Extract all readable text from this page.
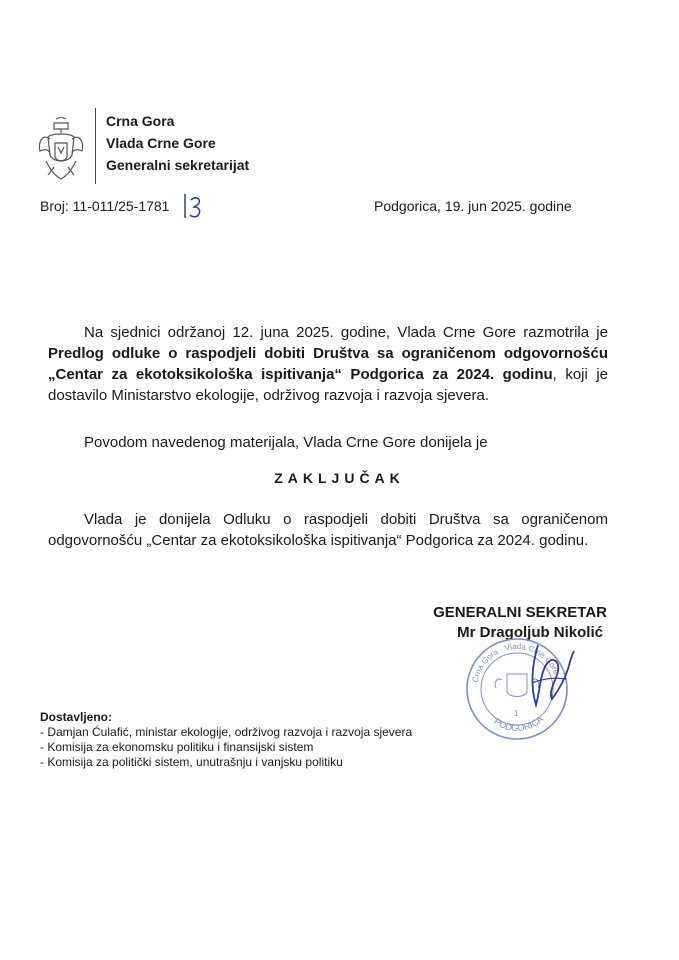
Crna Gora
Vlada Crne Gore
Generalni sekretarijat
Broj: 11-011/25-1781	Podgorica, 19. jun 2025. godine
Na sjednici održanoj 12. juna 2025. godine, Vlada Crne Gore razmotrila je Predlog odluke o raspodjeli dobiti Društva sa ograničenom odgovornošću „Centar za ekotoksikološka ispitivanja“ Podgorica za 2024. godinu, koji je dostavilo Ministarstvo ekologije, održivog razvoja i razvoja sjevera.
Povodom navedenog materijala, Vlada Crne Gore donijela je
ZAKLJUČAK
Vlada je donijela Odluku o raspodjeli dobiti Društva sa ograničenom odgovornošću „Centar za ekotoksikološka ispitivanja“ Podgorica za 2024. godinu.
GENERALNI SEKRETAR
Mr Dragoljub Nikolić
Crna Gora · Vlada Crne Gore
PODGORICA
1
Dostavljeno:
- Damjan Ćulafić, ministar ekologije, održivog razvoja i razvoja sjevera
- Komisija za ekonomsku politiku i finansijski sistem
- Komisija za politički sistem, unutrašnju i vanjsku politiku
